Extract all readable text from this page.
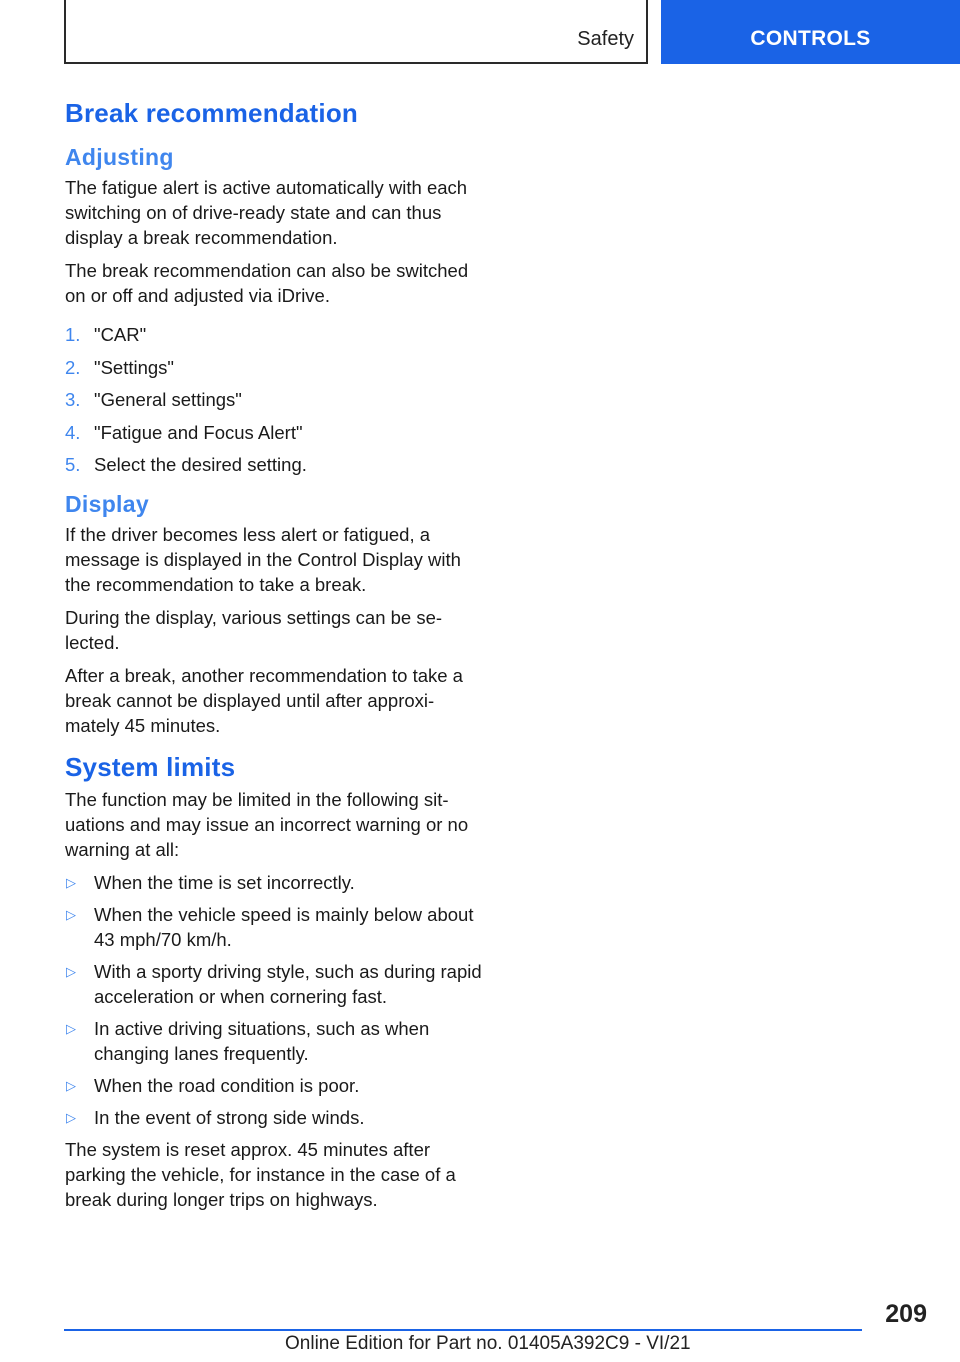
Safety	CONTROLS
Break recommendation
Adjusting

The fatigue alert is active automatically with each switching on of drive-ready state and can thus display a break recommendation.

The break recommendation can also be switched on or off and adjusted via iDrive.

1. "CAR"
2. "Settings"
3. "General settings"
4. "Fatigue and Focus Alert"
5. Select the desired setting.
Display

If the driver becomes less alert or fatigued, a message is displayed in the Control Display with the recommendation to take a break.

During the display, various settings can be se‐ lected.

After a break, another recommendation to take a break cannot be displayed until after approxi‐ mately 45 minutes.

System limits

The function may be limited in the following sit‐ uations and may issue an incorrect warning or no warning at all:

▷ When the time is set incorrectly.
▷ When the vehicle speed is mainly below about 43 mph/70 km/h.
▷ With a sporty driving style, such as during rapid acceleration or when cornering fast.
▷ In active driving situations, such as when changing lanes frequently.
▷ When the road condition is poor.
▷ In the event of strong side winds.

The system is reset approx. 45 minutes after parking the vehicle, for instance in the case of a break during longer trips on highways.

209
Online Edition for Part no. 01405A392C9 - VI/21
